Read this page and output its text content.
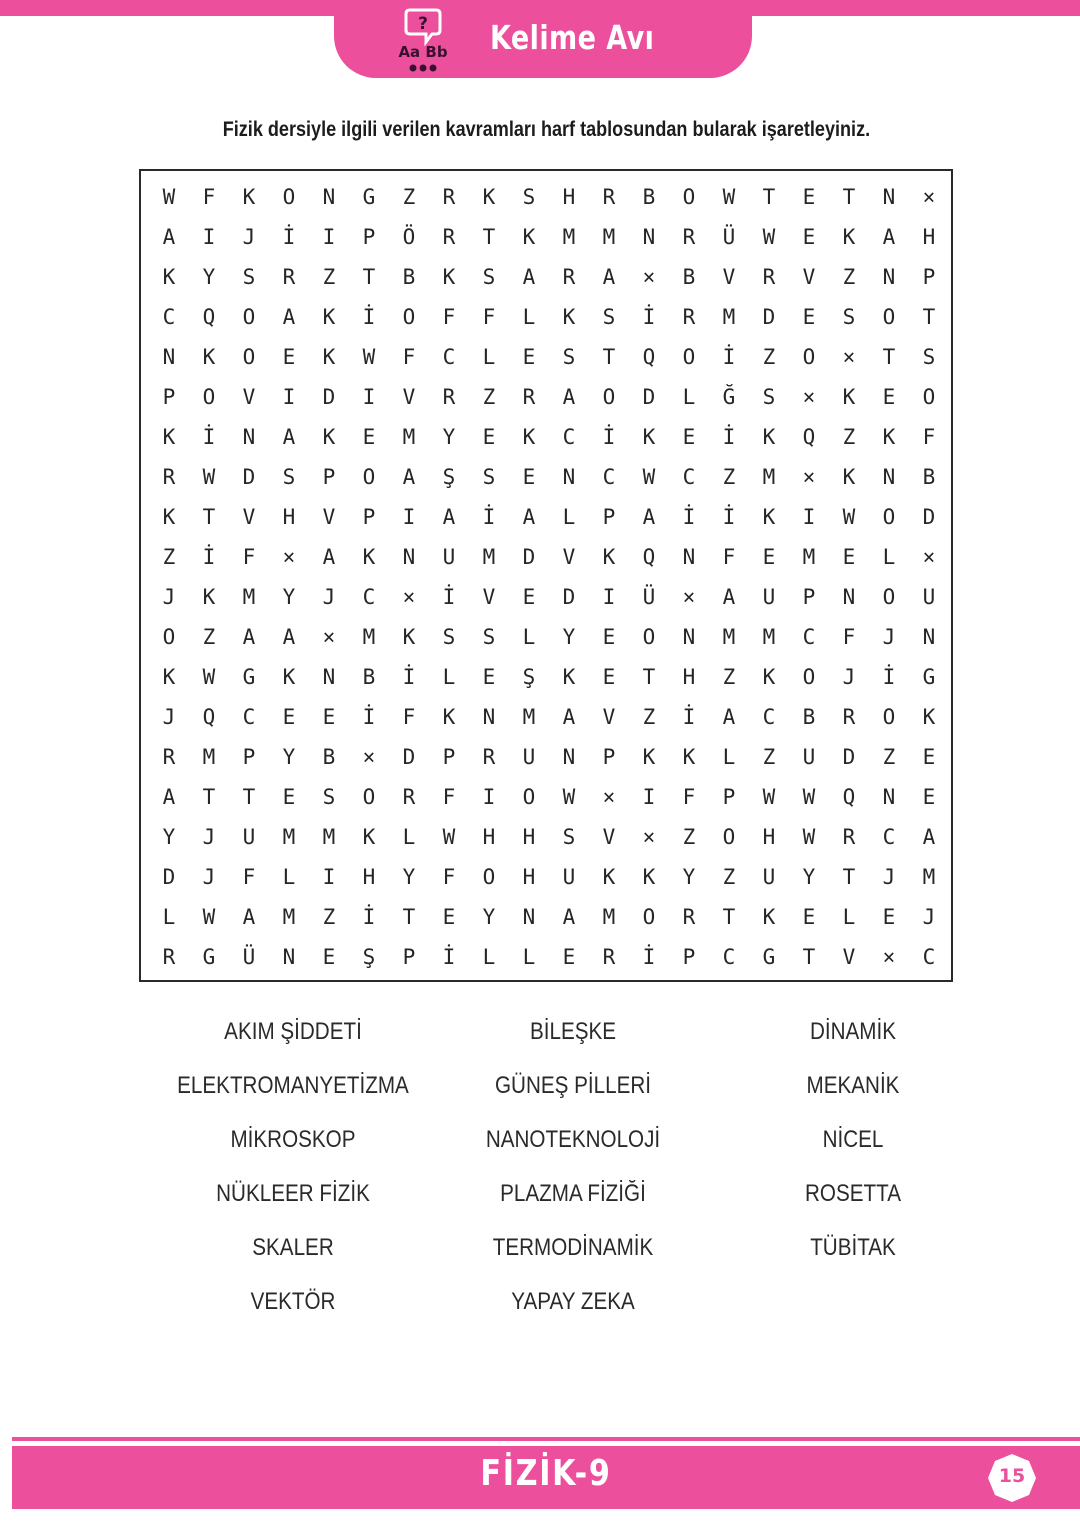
?
Aa Bb Kelime Avı
Fizik dersiyle ilgili verilen kavramları harf tablosundan bularak işaretleyiniz.
W	F	K	O	N	G	Z	R	K	S	H	R	B	O	W	T	E	T	N	×
A	I	J	İ	I	P	Ö	R	T	K	M	M	N	R	Ü	W	E	K	A	H
K	Y	S	R	Z	T	B	K	S	A	R	A	×	B	V	R	V	Z	N	P
C	Q	O	A	K	İ	O	F	F	L	K	S	İ	R	M	D	E	S	O	T
N	K	O	E	K	W	F	C	L	E	S	T	Q	O	İ	Z	O	×	T	S
P	O	V	I	D	I	V	R	Z	R	A	O	D	L	Ğ	S	×	K	E	O
K	İ	N	A	K	E	M	Y	E	K	C	İ	K	E	İ	K	Q	Z	K	F
R	W	D	S	P	O	A	Ş	S	E	N	C	W	C	Z	M	×	K	N	B
K	T	V	H	V	P	I	A	İ	A	L	P	A	İ	İ	K	I	W	O	D
Z	İ	F	×	A	K	N	U	M	D	V	K	Q	N	F	E	M	E	L	×
J	K	M	Y	J	C	×	İ	V	E	D	I	Ü	×	A	U	P	N	O	U
O	Z	A	A	×	M	K	S	S	L	Y	E	O	N	M	M	C	F	J	N
K	W	G	K	N	B	İ	L	E	Ş	K	E	T	H	Z	K	O	J	İ	G
J	Q	C	E	E	İ	F	K	N	M	A	V	Z	İ	A	C	B	R	O	K
R	M	P	Y	B	×	D	P	R	U	N	P	K	K	L	Z	U	D	Z	E
A	T	T	E	S	O	R	F	I	O	W	×	I	F	P	W	W	Q	N	E
Y	J	U	M	M	K	L	W	H	H	S	V	×	Z	O	H	W	R	C	A
D	J	F	L	I	H	Y	F	O	H	U	K	K	Y	Z	U	Y	T	J	M
L	W	A	M	Z	İ	T	E	Y	N	A	M	O	R	T	K	E	L	E	J
R	G	Ü	N	E	Ş	P	İ	L	L	E	R	İ	P	C	G	T	V	×	C
AKIM ŞİDDETİ	BİLEŞKE	DİNAMİK
ELEKTROMANYETİZMA	GÜNEŞ PİLLERİ	MEKANİK
MİKROSKOP	NANOTEKNOLOJİ	NİCEL
NÜKLEER FİZİK	PLAZMA FİZİĞİ	ROSETTA
SKALER	TERMODİNAMİK	TÜBİTAK
VEKTÖR	YAPAY ZEKA
FİZİK-9	15
